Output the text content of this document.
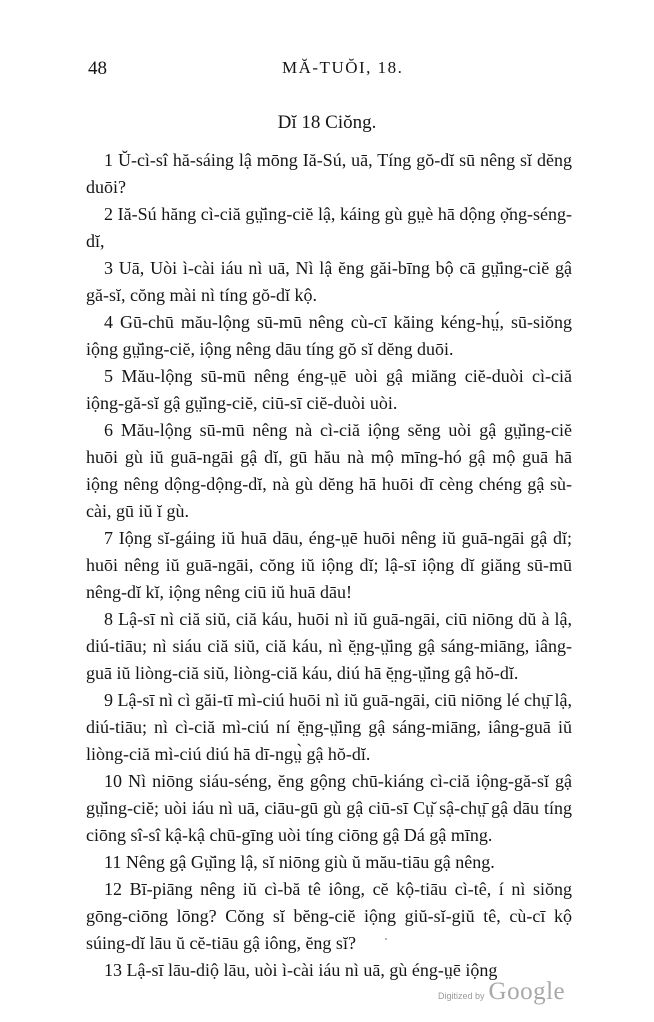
48	MĂ-TUŎI, 18.
Dĭ 18 Ciŏng.

 1 Ŭ-cì-sî hă-sáing lậ mōng Iă-Sú, uā, Tíng gŏ-dĭ sū nêng sĭ dĕng duōi?

 2 Iă-Sú hăng cì-ciă gṳ̆ing-ciĕ lậ, káing gù gṳè hā dộng ọ̆ng-séng-dĭ,

 3 Uā, Uòi ì-cài iáu nì uā, Nì lậ ĕng găi-bīng bộ cā gṳ̆ing-ciĕ gậ gă-sĭ, cŏng mài nì tíng gŏ-dĭ kộ.

 4 Gū-chū mău-lộng sū-mū nêng cù-cī kăing kéng-hṳ́, sū-siŏng iộng gṳ̆ing-ciĕ, iộng nêng dāu tíng gŏ sĭ dĕng duōi.

 5 Mău-lộng sū-mū nêng éng-ṳē uòi gậ miăng ciĕ-duòi cì-ciă iộng-gă-sĭ gậ gṳ̆ing-ciĕ, ciū-sī ciĕ-duòi uòi.

 6 Mău-lộng sū-mū nêng nà cì-ciă iộng sĕng uòi gậ gṳ̆ing-ciĕ huōi gù iŭ guā-ngāi gậ dĭ, gū hău nà mộ mīng-hó gậ mộ guā hā iộng nêng dộng-dộng-dĭ, nà gù dĕng hā huōi dī cèng chéng gậ sù-cài, gū iŭ ĭ gù.

 7 Iộng sĭ-gáing iŭ huā dāu, éng-ṳē huōi nêng iŭ guā-ngāi gậ dĭ; huōi nêng iŭ guā-ngāi, cŏng iŭ iộng dĭ; lậ-sī iộng dĭ giăng sū-mū nêng-dĭ kĭ, iộng nêng ciū iŭ huā dāu!

 8 Lậ-sī nì ciă siŭ, ciă káu, huōi nì iŭ guā-ngāi, ciū niōng dŭ à lậ, diú-tiāu; nì siáu ciă siŭ, ciă káu, nì ĕ̤ng-ṳ̆ing gậ sáng-miāng, iâng-guā iŭ liòng-ciă siŭ, liòng-ciă káu, diú hā ĕ̤ng-ṳ̆ing gậ hŏ-dĭ.

 9 Lậ-sī nì cì găi-tī mì-ciú huōi nì iŭ guā-ngāi, ciū niōng lé chṳ̄ lậ, diú-tiāu; nì cì-ciă mì-ciú ní ĕ̤ng-ṳ̆ing gậ sáng-miāng, iâng-guā iŭ liòng-ciă mì-ciú diú hā dī-ngṳ̀ gậ hŏ-dĭ.

 10 Nì niōng siáu-séng, ĕng gộng chū-kiáng cì-ciă iộng-gă-sĭ gậ gṳ̆ing-ciĕ; uòi iáu nì uā, ciāu-gū gù gậ ciū-sī Cṳ̆ sậ-chṳ̄ gậ dāu tíng ciōng sî-sî kậ-kậ chū-gīng uòi tíng ciōng gậ Dá gậ mīng.

 11 Nêng gậ Gṳ̆ing lậ, sĭ niōng giù ŭ mău-tiāu gậ nêng.

 12 Bī-piāng nêng iŭ cì-bă tê iông, cĕ kộ-tiāu cì-tê, í nì siŏng gōng-ciōng lōng? Cŏng sĭ bĕng-ciĕ iộng giŭ-sĭ-giŭ tê, cù-cī kộ súing-dĭ lāu ŭ cĕ-tiāu gậ iông, ĕng sĭ?

 13 Lậ-sī lāu-diộ lāu, uòi ì-cài iáu nì uā, gù éng-ṳē iộng

Digitized by Google
